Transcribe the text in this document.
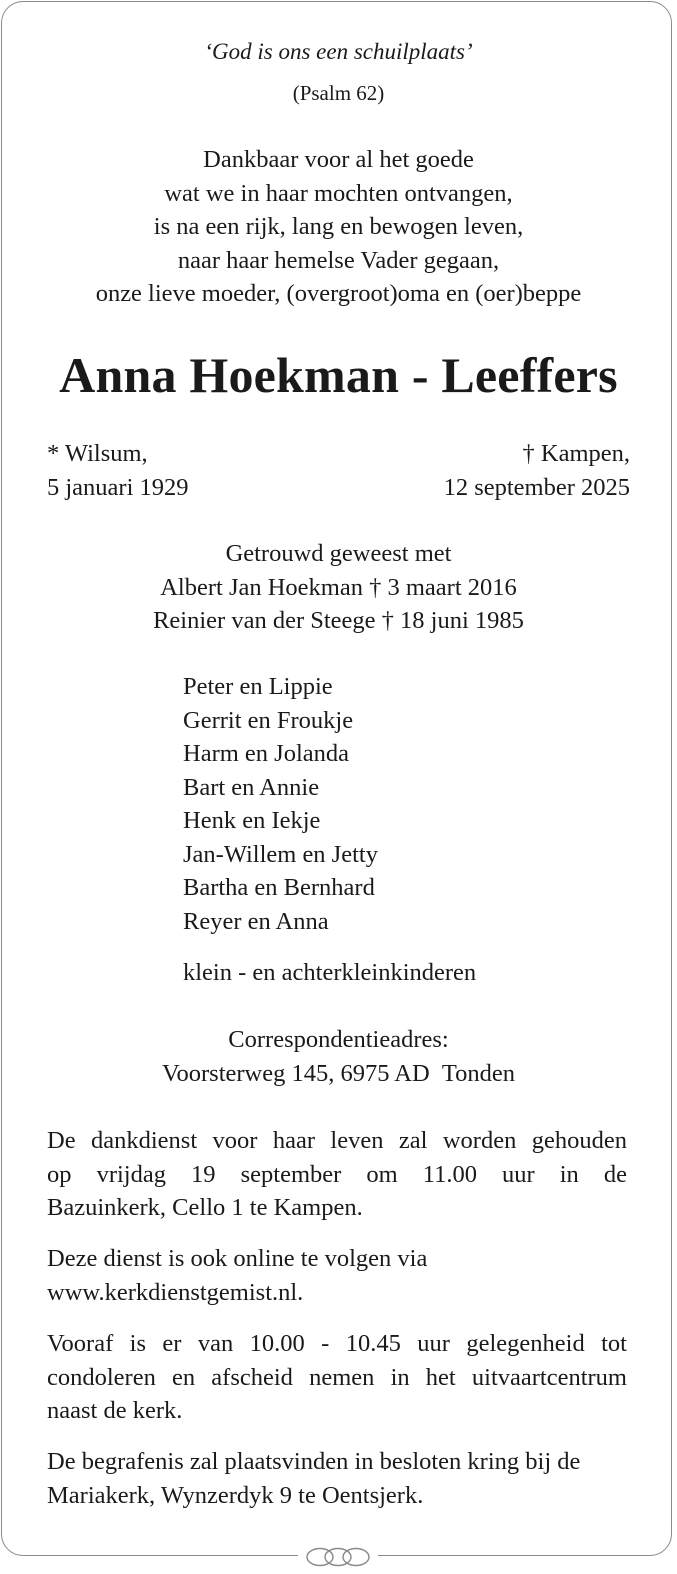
‘God is ons een schuilplaats’

(Psalm 62)

Dankbaar voor al het goede
wat we in haar mochten ontvangen,
is na een rijk, lang en bewogen leven,
naar haar hemelse Vader gegaan,
onze lieve moeder, (overgroot)oma en (oer)beppe
Anna Hoekman - Leeffers
* Wilsum,
5 januari 1929
† Kampen,
12 september 2025
Getrouwd geweest met
Albert Jan Hoekman † 3 maart 2016
Reinier van der Steege † 18 juni 1985
Peter en Lippie
Gerrit en Froukje
Harm en Jolanda
Bart en Annie
Henk en Iekje
Jan-Willem en Jetty
Bartha en Bernhard
Reyer en Anna

klein - en achterkleinkinderen

Correspondentieadres:
Voorsterweg 145, 6975 AD  Tonden
De dankdienst voor haar leven zal worden gehouden
op vrijdag 19 september om 11.00 uur in de
Bazuinkerk, Cello 1 te Kampen.
Deze dienst is ook online te volgen via
www.kerkdienstgemist.nl.
Vooraf is er van 10.00 - 10.45 uur gelegenheid tot
condoleren en afscheid nemen in het uitvaartcentrum
naast de kerk.
De begrafenis zal plaatsvinden in besloten kring bij de
Mariakerk, Wynzerdyk 9 te Oentsjerk.
